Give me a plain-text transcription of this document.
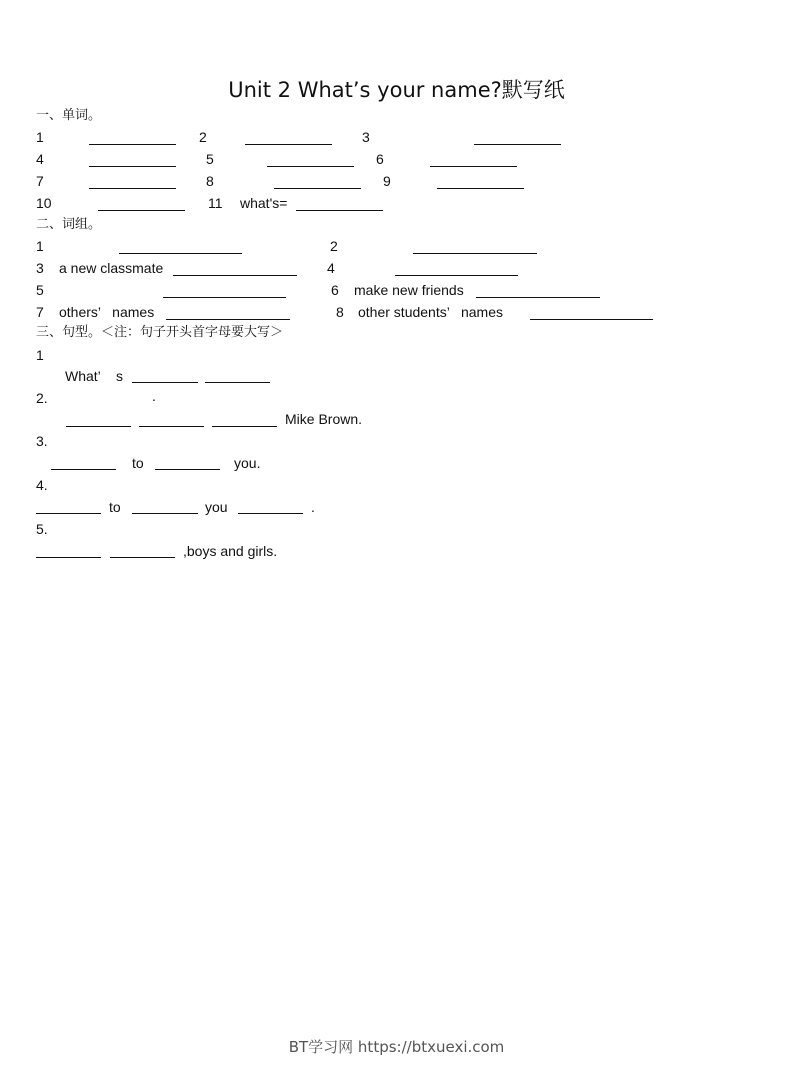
Unit 2 What’s your name?默写纸
一、单词。
1	2	3
4	5	6
7	8	9
10	11 what's=
二、词组。
1	2
3 a new classmate	4
5	6 make new friends
7 others’   names	8 other students’   names
三、句型。＜注：句子开头首字母要大写＞
1
What’ s
2.	.
Mike Brown.
3.
to	you.
4.
to	you	.
5.
,boys and girls.
BT学习网 https://btxuexi.com
